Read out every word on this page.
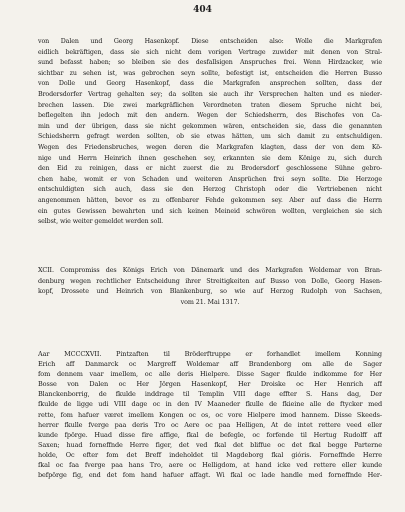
404
von Dalen und Georg Hasenkopf. Diese entscheiden also: Wolle die Markgrafen
eidlich bekräftigen, dass sie sich nicht dem vorigen Vertrage zuwider mit denen von Stral-
sund befasst haben; so bleiben sie des desfallsigen Anspruches frei. Wenn Hirdzacker, wie
sichtbar zu sehen ist, was gebrochen seyn sollte, befestigt ist, entscheiden die Herren Busso
von Dolle und Georg Hasenkopf, dass die Markgrafen ansprechen sollten, dass der
Brodersdorfer Vertrag gehalten sey; da sollten sie auch ihr Versprechen halten und es nieder-
brechen lassen. Die zwei markgräflichen Verordneten traten diesem Spruche nicht bei,
beflegelten ihn jedoch mit den andern. Wegen der Schiedsherrn, des Bischofes von Ca-
min und der übrigen, dass sie nicht gekommen wären, entscheiden sie, dass die genannten
Schiedsherrn gefragt werden sollten, ob sie etwas hätten, um sich damit zu entschuldigen.
Wegen des Friedensbruches, wegen deren die Markgrafen klagten, dass der von dem Kö-
nige und Herrn Heinrich ihnen geschehen sey, erkannten sie dem Könige zu, sich durch
den Eid zu reinigen, dass er nicht zuerst die zu Brodersdorf geschlossene Sühne gebro-
chen habe, womit er von Schaden und weiteren Ansprüchen frei seyn sollte. Die Herzoge
entschuldigten sich auch, dass sie den Herzog Christoph oder die Vertriebenen nicht
angenommen hätten, bevor es zu offenbarer Fehde gekommen sey. Aber auf dass die Herrn
ein gutes Gewissen bewahrten und sich keinen Meineid schwören wollten, vergleichen sie sich
selbst, wie weiter gemeldet werden soll.
XCII. Compromiss des Königs Erich von Dänemark und des Markgrafen Woldemar von Bran-
denburg wegen rechtlicher Entscheidung ihrer Streitigkeiten auf Busso von Dolle, Georg Hasen-
kopf, Drossete und Heinrich von Blankenburg, so wie auf Herzog Rudolph von Sachsen,
vom 21. Mai 1317.
Aar MCCCXVII. Pintzaften til Bröderftruppe er forhandlet imellem Konning
Erich aff Danmarck oc Margreff Woldemar aff Brandenborg om alle de Sager
fom dennem vaar imellem, oc alle deris Hielpere. Disse Sager fkulde indkomme for Her
Bosse von Dalen oc Her Jörgen Hasenkopf, Her Droiske oc Her Henrich aff
Blanckenborrig, de fkulde inddrage til Templin VIII dage effter S. Hans dag, Der
fkulde de ligge udi VIII dage oc in den IV Maaneder fkulle de fkieine alle de ftycker med
rette, fom hafuer været imellem Kongen oc os, oc vore Hielpere imod hannem. Disse Skeeds-
herrer fkulle fverge paa deris Tro oc Aere oc paa Helligen, At de intet rettere veed eller
kunde fpörge. Huad disse fire affige, fkal de befegle, oc forfende til Hertug Rudolff aff
Saxen; huad forneffnde Herre figer, det ved fkal det bliffue oc det fkal begge Parterne
holde, Oc efter fom det Breff indeholdet til Magdeborg fkal gióris. Forneffnde Herre
fkal oc faa fverge paa hans Tro, aere oc Helligdom, at hand icke ved rettere eller kunde
befpörge fig, end det fom hand hafuer affagt. Wi fkal oc lade handle med forneffnde Her-
